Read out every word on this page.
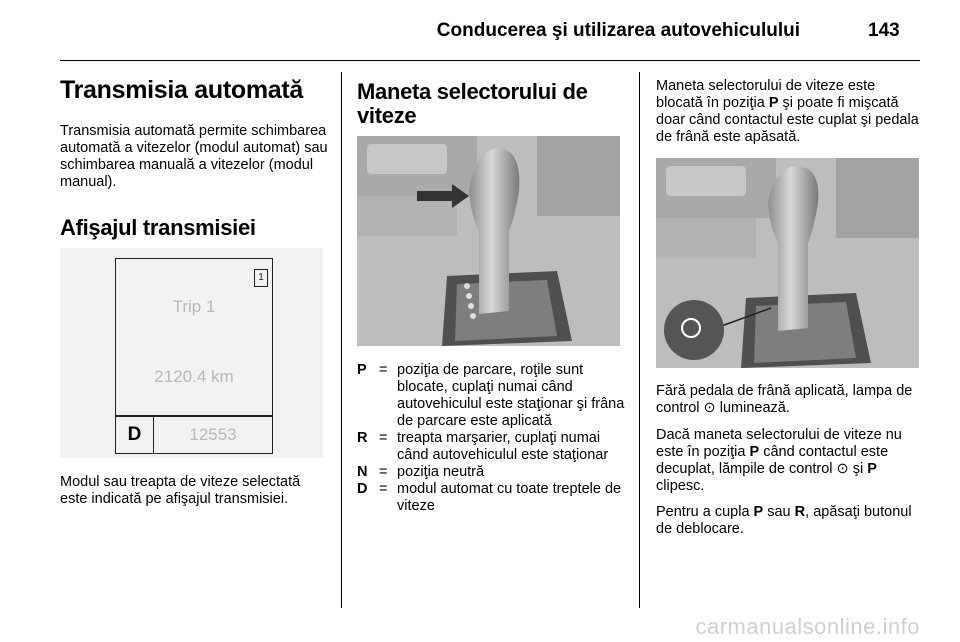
Conducerea şi utilizarea autovehiculului	143
Transmisia automată
Transmisia automată permite schimbarea automată a vitezelor (modul automat) sau schimbarea manuală a vitezelor (modul manual).
Afişajul transmisiei
1
Trip 1
2120.4 km
D	12553
Modul sau treapta de viteze selectată este indicată pe afişajul transmisiei.
Maneta selectorului de
viteze
P = poziţia de parcare, roţile sunt blocate, cuplaţi numai când autovehiculul este staţionar şi frâna de parcare este aplicată
R = treapta marşarier, cuplaţi numai când autovehiculul este staţionar
N = poziţia neutră
D = modul automat cu toate treptele de viteze
Maneta selectorului de viteze este blocată în poziţia P şi poate fi mişcată doar când contactul este cuplat şi pedala de frână este apăsată.
Fără pedala de frână aplicată, lampa de control ⊙ luminează.
Dacă maneta selectorului de viteze nu este în poziţia P când contactul este decuplat, lămpile de control ⊙ şi P clipesc.
Pentru a cupla P sau R, apăsaţi butonul de deblocare.
carmanualsonline.info
